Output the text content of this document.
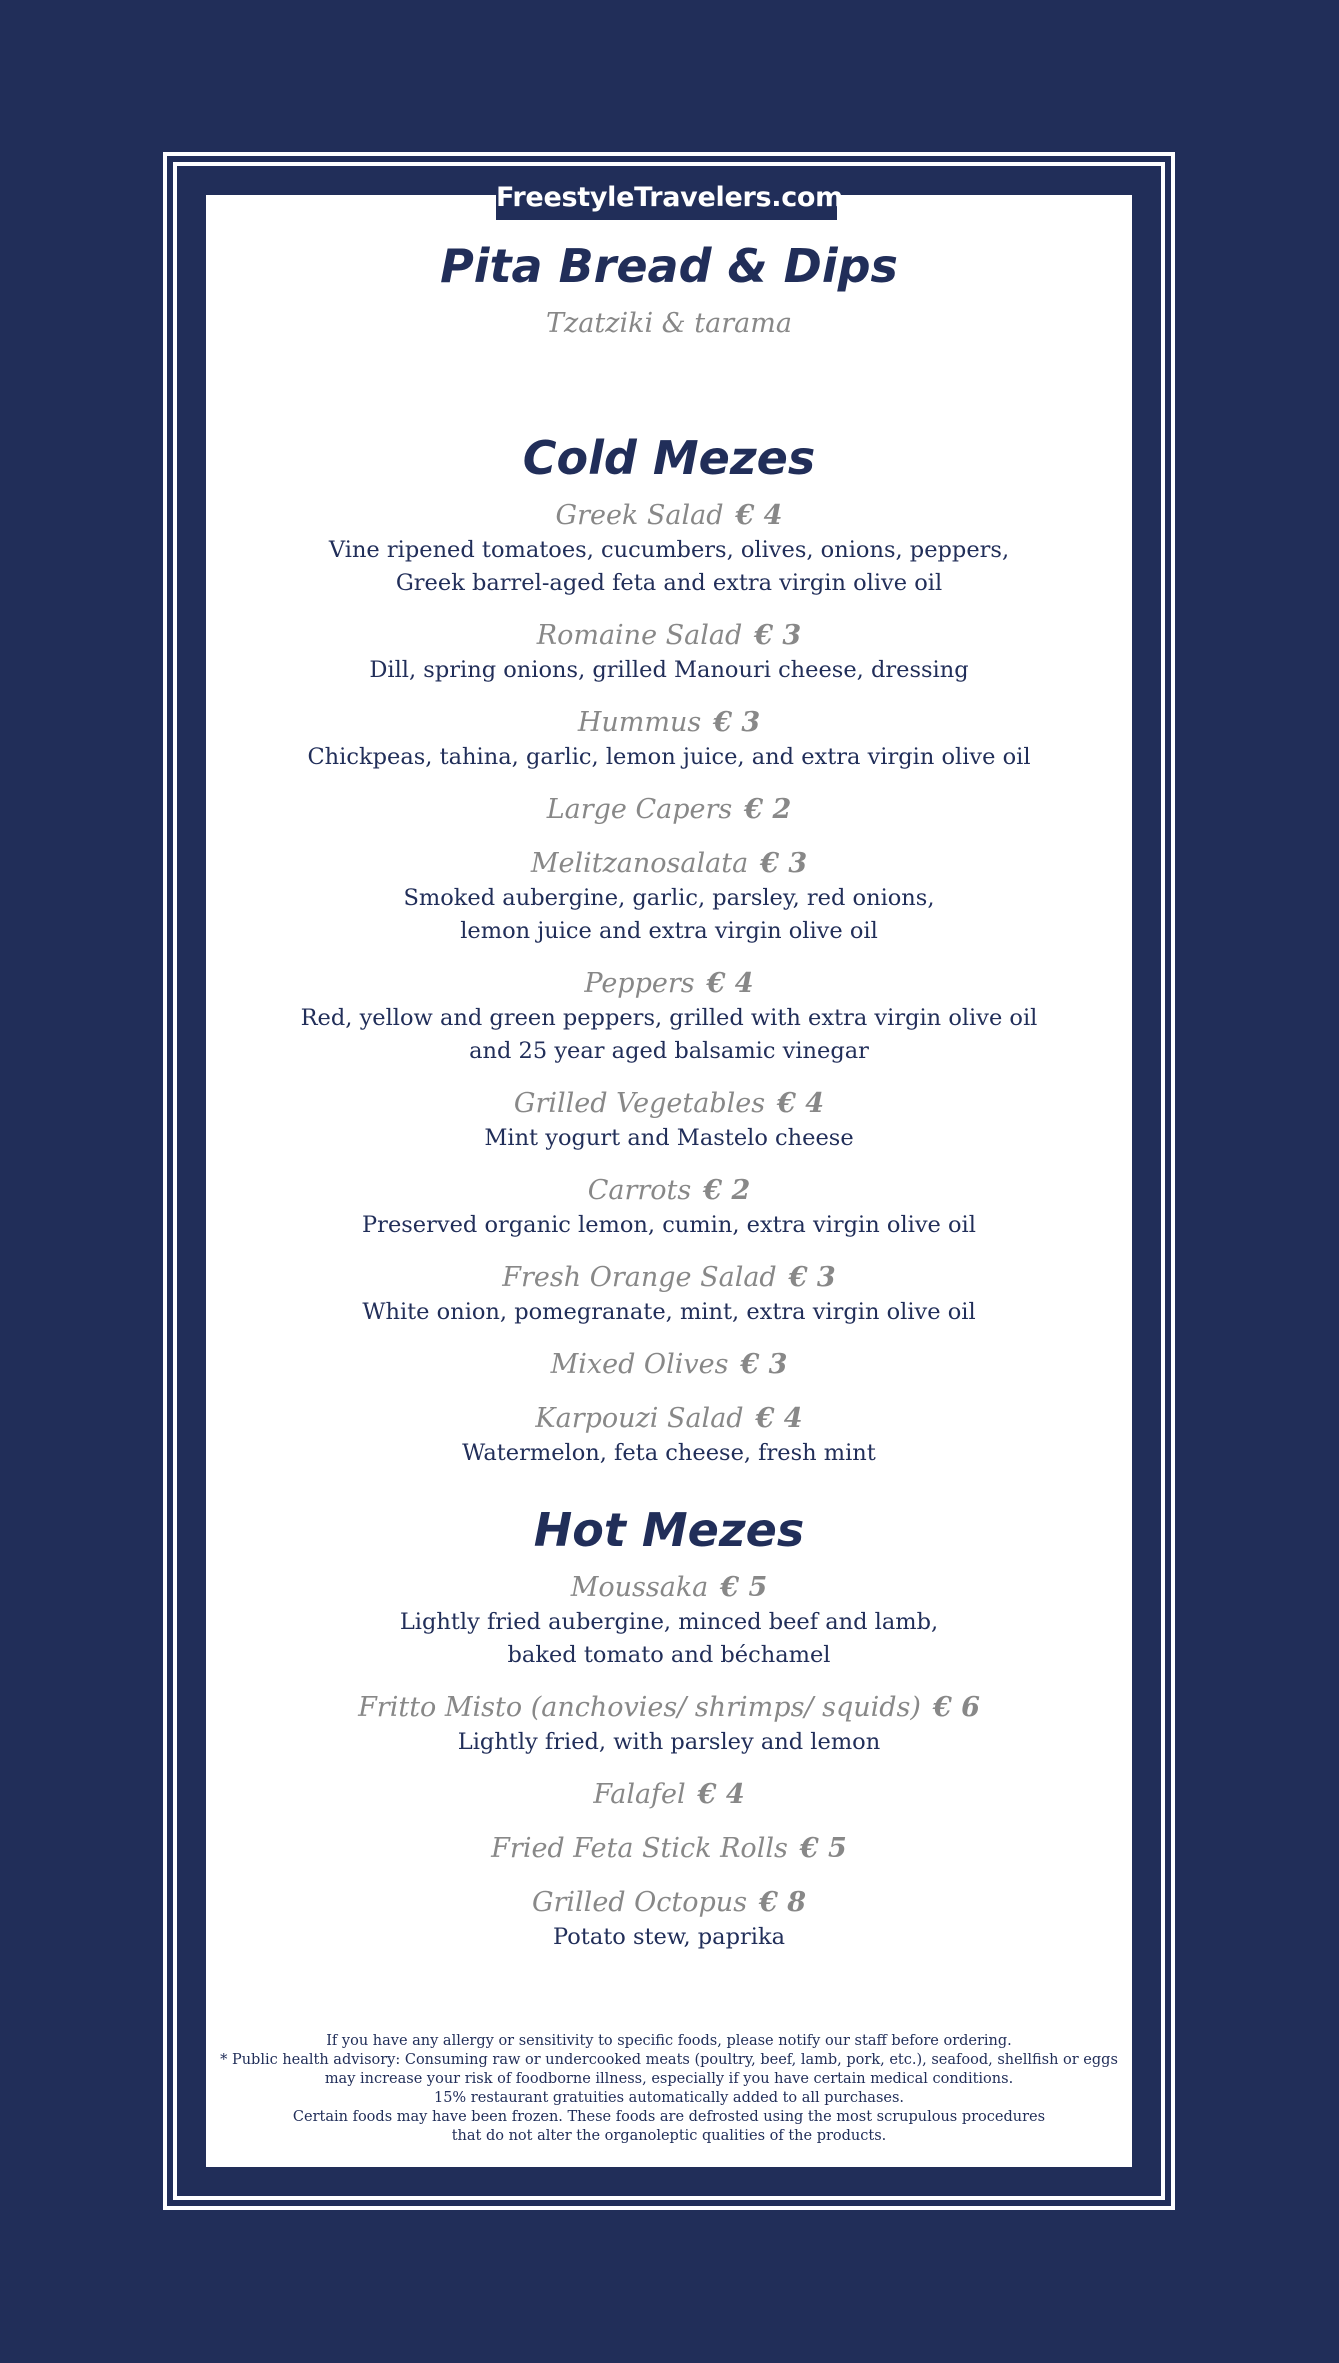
FreestyleTravelers.com
Pita Bread & Dips
Tzatziki & tarama
Cold Mezes
Greek Salad € 4
Vine ripened tomatoes, cucumbers, olives, onions, peppers,
Greek barrel-aged feta and extra virgin olive oil
Romaine Salad € 3
Dill, spring onions, grilled Manouri cheese, dressing
Hummus € 3
Chickpeas, tahina, garlic, lemon juice, and extra virgin olive oil
Large Capers € 2
Melitzanosalata € 3
Smoked aubergine, garlic, parsley, red onions,
lemon juice and extra virgin olive oil
Peppers € 4
Red, yellow and green peppers, grilled with extra virgin olive oil
and 25 year aged balsamic vinegar
Grilled Vegetables € 4
Mint yogurt and Mastelo cheese
Carrots € 2
Preserved organic lemon, cumin, extra virgin olive oil
Fresh Orange Salad € 3
White onion, pomegranate, mint, extra virgin olive oil
Mixed Olives € 3
Karpouzi Salad € 4
Watermelon, feta cheese, fresh mint
Hot Mezes
Moussaka € 5
Lightly fried aubergine, minced beef and lamb,
baked tomato and béchamel
Fritto Misto (anchovies/ shrimps/ squids) € 6
Lightly fried, with parsley and lemon
Falafel € 4
Fried Feta Stick Rolls € 5
Grilled Octopus € 8
Potato stew, paprika
If you have any allergy or sensitivity to specific foods, please notify our staff before ordering.
* Public health advisory: Consuming raw or undercooked meats (poultry, beef, lamb, pork, etc.), seafood, shellfish or eggs
may increase your risk of foodborne illness, especially if you have certain medical conditions.
15% restaurant gratuities automatically added to all purchases.
Certain foods may have been frozen. These foods are defrosted using the most scrupulous procedures
that do not alter the organoleptic qualities of the products.
